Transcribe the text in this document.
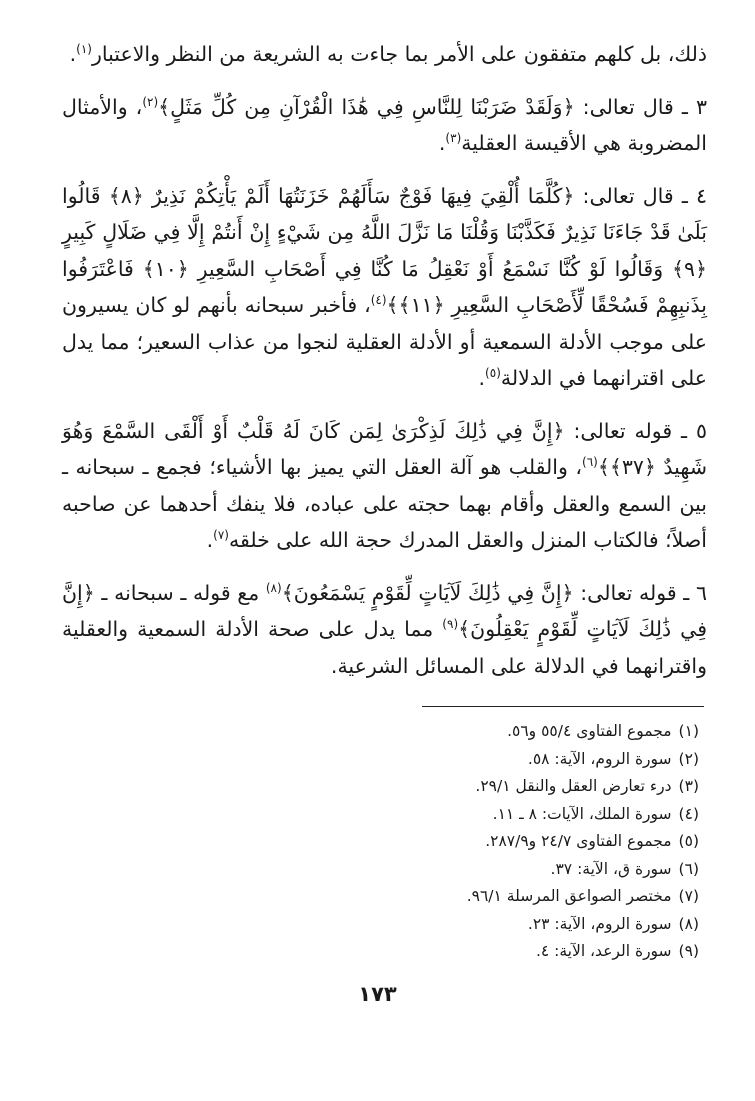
ذلك، بل كلهم متفقون على الأمر بما جاءت به الشريعة من النظر والاعتبار$^{(١)}$.

٣ ـ قال تعالى: ﴿وَلَقَدْ ضَرَبْنَا لِلنَّاسِ فِي هَٰذَا الْقُرْآنِ مِن كُلِّ مَثَلٍ﴾$^{(٢)}$، والأمثال المضروبة هي الأقيسة العقلية$^{(٣)}$.

٤ ـ قال تعالى: ﴿كُلَّمَا أُلْقِيَ فِيهَا فَوْجٌ سَأَلَهُمْ خَزَنَتُهَا أَلَمْ يَأْتِكُمْ نَذِيرٌ ﴿٨﴾ قَالُوا بَلَىٰ قَدْ جَاءَنَا نَذِيرٌ فَكَذَّبْنَا وَقُلْنَا مَا نَزَّلَ اللَّهُ مِن شَيْءٍ إِنْ أَنتُمْ إِلَّا فِي ضَلَالٍ كَبِيرٍ ﴿٩﴾ وَقَالُوا لَوْ كُنَّا نَسْمَعُ أَوْ نَعْقِلُ مَا كُنَّا فِي أَصْحَابِ السَّعِيرِ ﴿١٠﴾ فَاعْتَرَفُوا بِذَنبِهِمْ فَسُحْقًا لِّأَصْحَابِ السَّعِيرِ ﴿١١﴾﴾$^{(٤)}$، فأخبر سبحانه بأنهم لو كان يسيرون على موجب الأدلة السمعية أو الأدلة العقلية لنجوا من عذاب السعير؛ مما يدل على اقترانهما في الدلالة$^{(٥)}$.

٥ ـ قوله تعالى: ﴿إِنَّ فِي ذَٰلِكَ لَذِكْرَىٰ لِمَن كَانَ لَهُ قَلْبٌ أَوْ أَلْقَى السَّمْعَ وَهُوَ شَهِيدٌ ﴿٣٧﴾﴾$^{(٦)}$، والقلب هو آلة العقل التي يميز بها الأشياء؛ فجمع ـ سبحانه ـ بين السمع والعقل وأقام بهما حجته على عباده، فلا ينفك أحدهما عن صاحبه أصلاً؛ فالكتاب المنزل والعقل المدرك حجة الله على خلقه$^{(٧)}$.

٦ ـ قوله تعالى: ﴿إِنَّ فِي ذَٰلِكَ لَآيَاتٍ لِّقَوْمٍ يَسْمَعُونَ﴾$^{(٨)}$ مع قوله ـ سبحانه ـ ﴿إِنَّ فِي ذَٰلِكَ لَآيَاتٍ لِّقَوْمٍ يَعْقِلُونَ﴾$^{(٩)}$ مما يدل على صحة الأدلة السمعية والعقلية واقترانهما في الدلالة على المسائل الشرعية.

(١)مجموع الفتاوى ٥٥/٤ و٥٦.
(٢)سورة الروم، الآية: ٥٨.
(٣)درء تعارض العقل والنقل ٢٩/١.
(٤)سورة الملك، الآيات: ٨ ـ ١١.
(٥)مجموع الفتاوى ٢٤/٧ و٢٨٧/٩.
(٦)سورة ق، الآية: ٣٧.
(٧)مختصر الصواعق المرسلة ٩٦/١.
(٨)سورة الروم، الآية: ٢٣.
(٩)سورة الرعد، الآية: ٤.
١٧٣
